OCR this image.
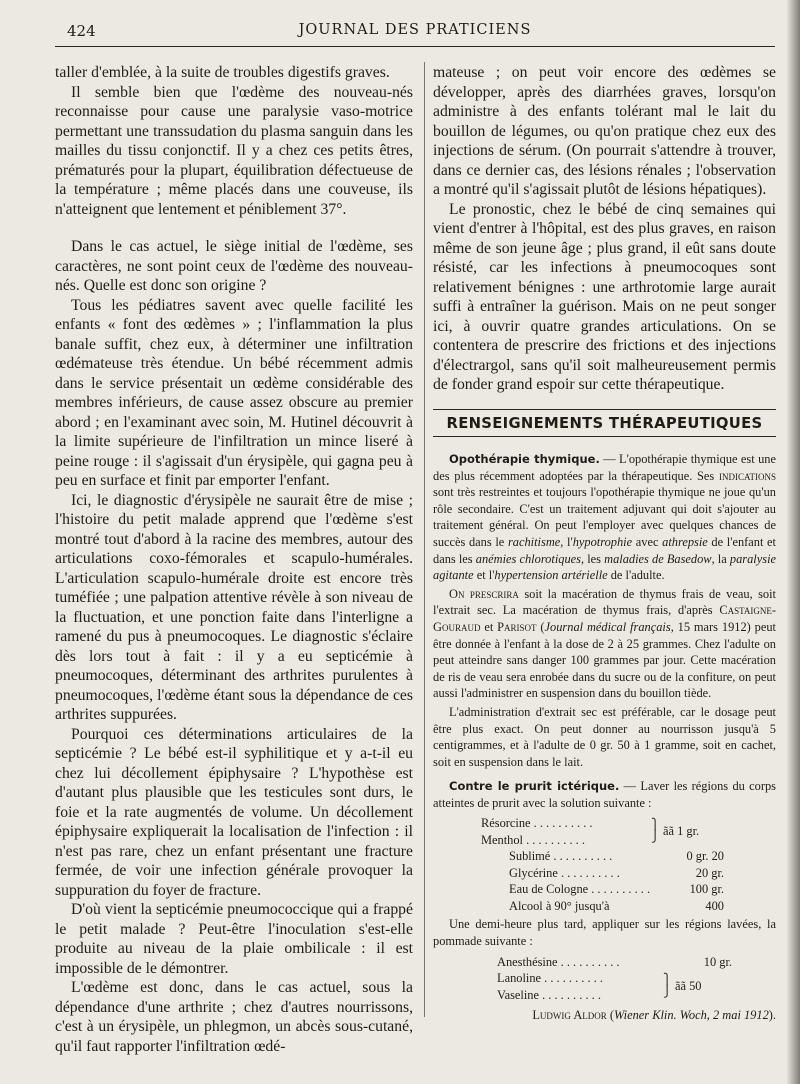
424	JOURNAL DES PRATICIENS

taller d'emblée, à la suite de troubles digestifs graves.

Il semble bien que l'œdème des nouveau-nés reconnaisse pour cause une paralysie vaso-motrice permettant une transsudation du plasma sanguin dans les mailles du tissu conjonctif. Il y a chez ces petits êtres, prématurés pour la plupart, équilibration défectueuse de la température ; même placés dans une couveuse, ils n'atteignent que lentement et péniblement 37°.

Dans le cas actuel, le siège initial de l'œdème, ses caractères, ne sont point ceux de l'œdème des nouveau-nés. Quelle est donc son origine ?

Tous les pédiatres savent avec quelle facilité les enfants « font des œdèmes » ; l'inflammation la plus banale suffit, chez eux, à déterminer une infiltration œdémateuse très étendue. Un bébé récemment admis dans le service présentait un œdème considérable des membres inférieurs, de cause assez obscure au premier abord ; en l'examinant avec soin, M. Hutinel découvrit à la limite supérieure de l'infiltration un mince liseré à peine rouge : il s'agissait d'un érysipèle, qui gagna peu à peu en surface et finit par emporter l'enfant.

Ici, le diagnostic d'érysipèle ne saurait être de mise ; l'histoire du petit malade apprend que l'œdème s'est montré tout d'abord à la racine des membres, autour des articulations coxo-fémorales et scapulo-humérales. L'articulation scapulo-humérale droite est encore très tuméfiée ; une palpation attentive révèle à son niveau de la fluctuation, et une ponction faite dans l'interligne a ramené du pus à pneumocoques. Le diagnostic s'éclaire dès lors tout à fait : il y a eu septicémie à pneumocoques, déterminant des arthrites purulentes à pneumocoques, l'œdème étant sous la dépendance de ces arthrites suppurées.

Pourquoi ces déterminations articulaires de la septicémie ? Le bébé est-il syphilitique et y a-t-il eu chez lui décollement épiphysaire ? L'hypothèse est d'autant plus plausible que les testicules sont durs, le foie et la rate augmentés de volume. Un décollement épiphysaire expliquerait la localisation de l'infection : il n'est pas rare, chez un enfant présentant une fracture fermée, de voir une infection générale provoquer la suppuration du foyer de fracture.

D'où vient la septicémie pneumococcique qui a frappé le petit malade ? Peut-être l'inoculation s'est-elle produite au niveau de la plaie ombilicale : il est impossible de le démontrer.

L'œdème est donc, dans le cas actuel, sous la dépendance d'une arthrite ; chez d'autres nourrissons, c'est à un érysipèle, un phlegmon, un abcès sous-cutané, qu'il faut rapporter l'infiltration œdé-

mateuse ; on peut voir encore des œdèmes se développer, après des diarrhées graves, lorsqu'on administre à des enfants tolérant mal le lait du bouillon de légumes, ou qu'on pratique chez eux des injections de sérum. (On pourrait s'attendre à trouver, dans ce dernier cas, des lésions rénales ; l'observation a montré qu'il s'agissait plutôt de lésions hépatiques).

Le pronostic, chez le bébé de cinq semaines qui vient d'entrer à l'hôpital, est des plus graves, en raison même de son jeune âge ; plus grand, il eût sans doute résisté, car les infections à pneumocoques sont relativement bénignes : une arthrotomie large aurait suffi à entraîner la guérison. Mais on ne peut songer ici, à ouvrir quatre grandes articulations. On se contentera de prescrire des frictions et des injections d'électrargol, sans qu'il soit malheureusement permis de fonder grand espoir sur cette thérapeutique.

RENSEIGNEMENTS THÉRAPEUTIQUES

Opothérapie thymique. — L'opothérapie thymique est une des plus récemment adoptées par la thérapeutique. Ses indications sont très restreintes et toujours l'opothérapie thymique ne joue qu'un rôle secondaire. C'est un traitement adjuvant qui doit s'ajouter au traitement général. On peut l'employer avec quelques chances de succès dans le rachitisme, l'hypotrophie avec athrepsie de l'enfant et dans les anémies chlorotiques, les maladies de Basedow, la paralysie agitante et l'hypertension artérielle de l'adulte.

On prescrira soit la macération de thymus frais de veau, soit l'extrait sec. La macération de thymus frais, d'après Castaigne-Gouraud et Parisot (Journal médical français, 15 mars 1912) peut être donnée à l'enfant à la dose de 2 à 25 grammes. Chez l'adulte on peut atteindre sans danger 100 grammes par jour. Cette macération de ris de veau sera enrobée dans du sucre ou de la confiture, on peut aussi l'administrer en suspension dans du bouillon tiède.

L'administration d'extrait sec est préférable, car le dosage peut être plus exact. On peut donner au nourrisson jusqu'à 5 centigrammes, et à l'adulte de 0 gr. 50 à 1 gramme, soit en cachet, soit en suspension dans le lait.

Contre le prurit ictérique. — Laver les régions du corps atteintes de prurit avec la solution suivante :

Résorcine . . . . . . . . . .	⎫
Menthol . . . . . . . . . .	⎭ ãã 1 gr.
Sublimé . . . . . . . . . .	0 gr. 20
Glycérine . . . . . . . . . .	20 gr.
Eau de Cologne . . . . . . . . . .	100 gr.
Alcool à 90° jusqu'à	400

Une demi-heure plus tard, appliquer sur les régions lavées, la pommade suivante :

Anesthésine . . . . . . . . . .	10 gr.
Lanoline . . . . . . . . . .	⎫
Vaseline . . . . . . . . . .	⎭ ãã 50

Ludwig Aldor (Wiener Klin. Woch, 2 mai 1912).
